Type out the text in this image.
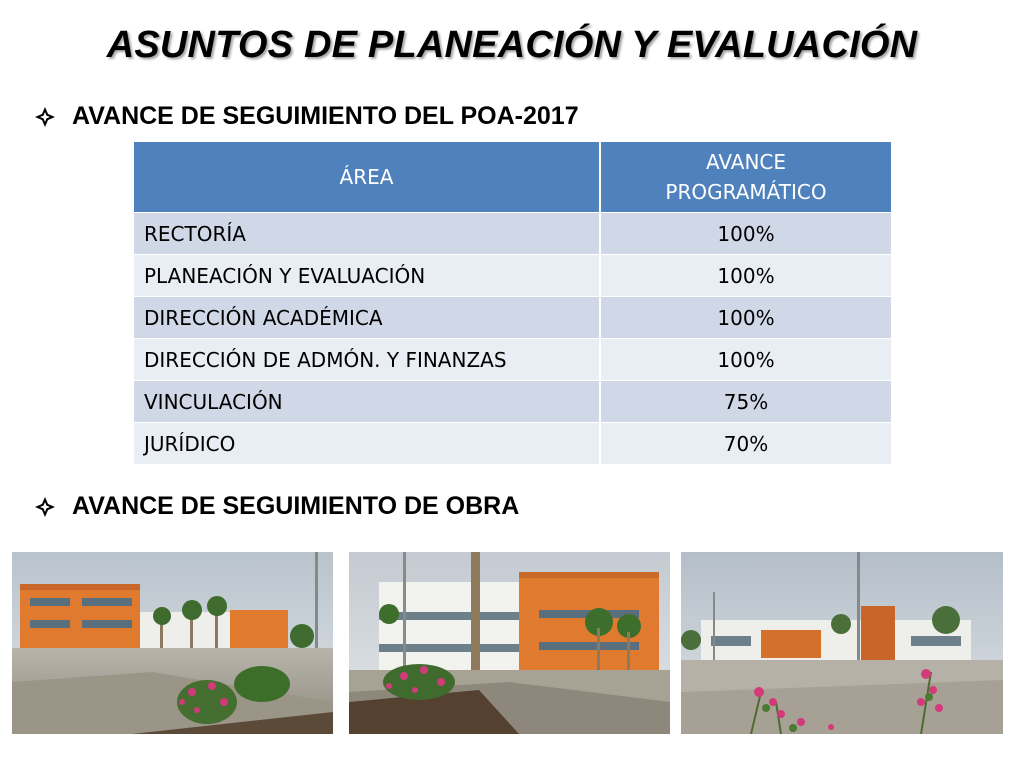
ASUNTOS DE PLANEACIÓN Y EVALUACIÓN
AVANCE DE SEGUIMIENTO DEL POA-2017
ÁREA	AVANCE
PROGRAMÁTICO
RECTORÍA	100%
PLANEACIÓN Y EVALUACIÓN	100%
DIRECCIÓN ACADÉMICA	100%
DIRECCIÓN DE ADMÓN. Y FINANZAS	100%
VINCULACIÓN	75%
JURÍDICO	70%
AVANCE DE SEGUIMIENTO DE OBRA
